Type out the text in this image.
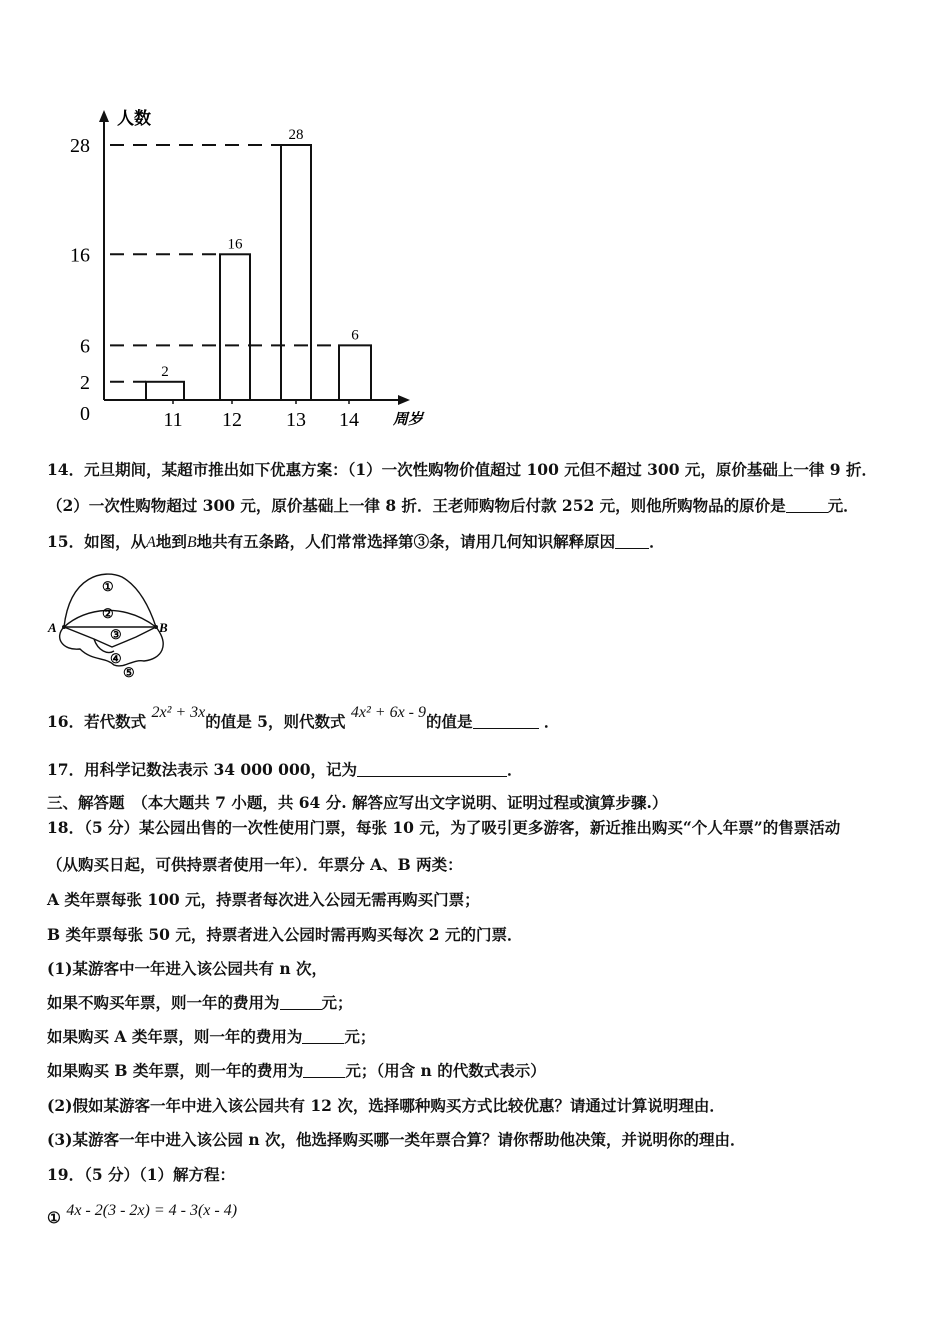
人数
周岁
28
16
6
2
0
2
16
28
6
11 12 13 14
14．元旦期间，某超市推出如下优惠方案：（1）一次性购物价值超过 100 元但不超过 300 元，原价基础上一律 9 折．
（2）一次性购物超过 300 元，原价基础上一律 8 折．王老师购物后付款 252 元，则他所购物品的原价是	元．
15．如图，从A地到B地共有五条路，人们常常选择第③条，请用几何知识解释原因 ．
A	B
①
②
③
④
⑤
16．若代数式 2x² + 3x的值是 5，则代数式 4x² + 6x - 9的值是	．
17．用科学记数法表示 34 000 000，记为	．
三、解答题　（本大题共 7 小题，共 64 分. 解答应写出文字说明、证明过程或演算步骤.）
18．（5 分）某公园出售的一次性使用门票，每张 10 元，为了吸引更多游客，新近推出购买“个人年票”的售票活动
（从购买日起，可供持票者使用一年）．年票分 A、B 两类：
A 类年票每张 100 元，持票者每次进入公园无需再购买门票；
B 类年票每张 50 元，持票者进入公园时需再购买每次 2 元的门票．
(1)某游客中一年进入该公园共有 n 次，
如果不购买年票，则一年的费用为	元；
如果购买 A 类年票，则一年的费用为	元；
如果购买 B 类年票，则一年的费用为	元；（用含 n 的代数式表示）
(2)假如某游客一年中进入该公园共有 12 次，选择哪种购买方式比较优惠？请通过计算说明理由．
(3)某游客一年中进入该公园 n 次，他选择购买哪一类年票合算？请你帮助他决策，并说明你的理由．
19．（5 分）（1）解方程：
① 4x - 2(3 - 2x) = 4 - 3(x - 4)
